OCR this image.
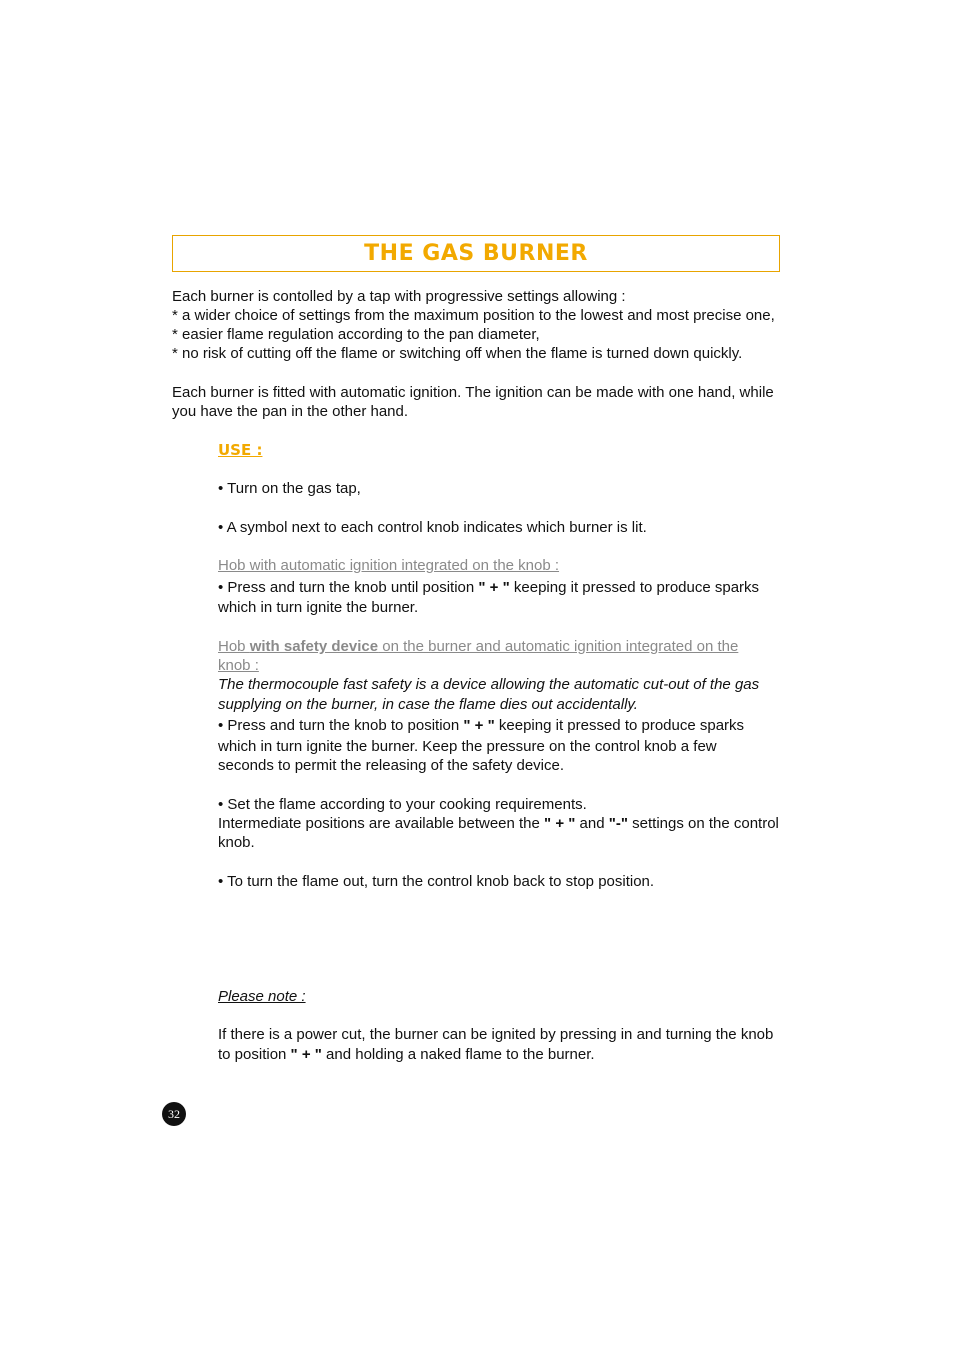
THE GAS BURNER
Each burner is contolled by a tap with progressive settings allowing :
* a wider choice of settings from the maximum position to the lowest and most precise one,
* easier flame regulation according to the pan diameter,
* no risk of cutting off the flame or switching off when the flame is turned down quickly.
Each burner is fitted with automatic ignition. The ignition can be made with one hand, while
you have the pan in the other hand.
USE :
• Turn on the gas tap,
• A symbol next to each control knob indicates which burner is lit.
Hob with automatic ignition integrated on the knob :
• Press and turn the knob until position " + " keeping it pressed to produce sparks
which in turn ignite the burner.
Hob with safety device on the burner and automatic ignition integrated on the
knob :
The thermocouple fast safety is a device allowing the automatic cut-out of the gas
supplying on the burner, in case the flame dies out accidentally.
• Press and turn the knob to position " + " keeping it pressed to produce sparks
which in turn ignite the burner. Keep the pressure on the control knob a few
seconds to permit the releasing of the safety device.
• Set the flame according to your cooking requirements.
Intermediate positions are available between the " + " and "-" settings on the control
knob.
• To turn the flame out, turn the control knob back to stop position.
Please note :
If there is a power cut, the burner can be ignited by pressing in and turning the knob
to position " + " and holding a naked flame to the burner.
32
